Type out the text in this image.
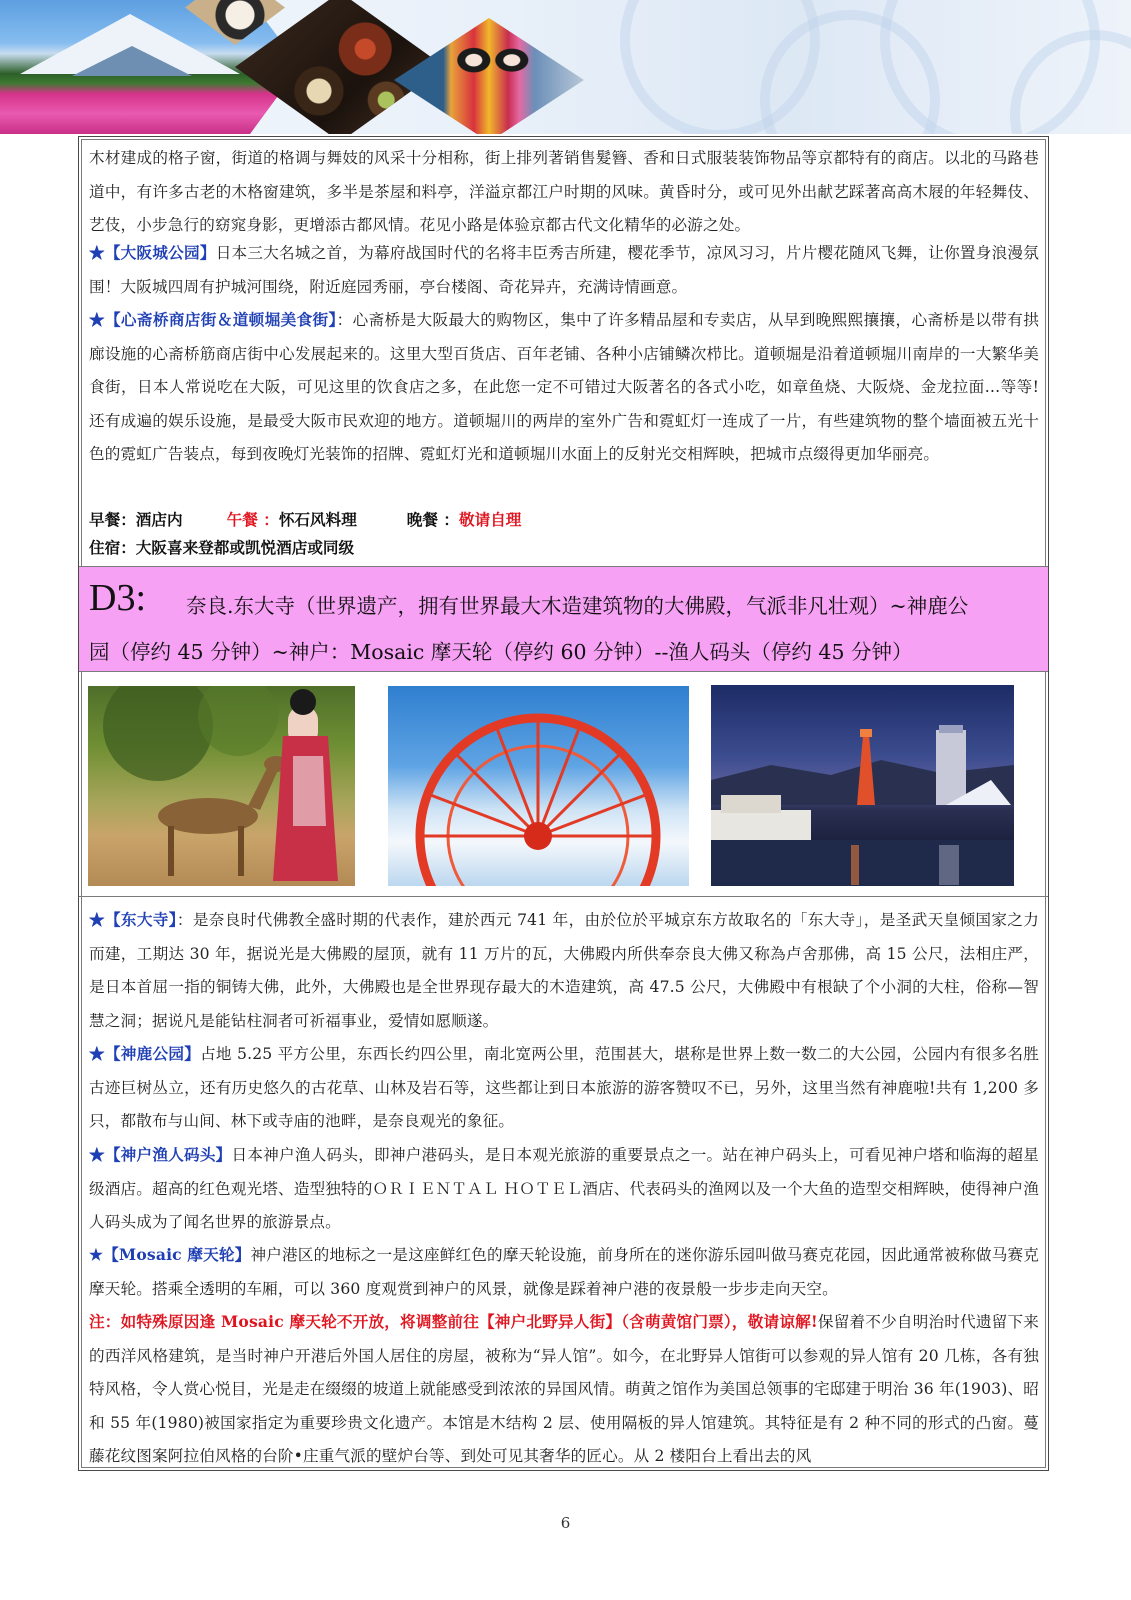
木材建成的格子窗，街道的格调与舞妓的风采十分相称，街上排列著销售髮簪、香和日式服装装饰物品等京都特有的商店。以北的马路巷道中，有许多古老的木格窗建筑，多半是茶屋和料亭，洋溢京都江户时期的风味。黄昏时分，或可见外出献艺踩著高高木屐的年轻舞伎、艺伎，小步急行的窈窕身影，更增添古都风情。花见小路是体验京都古代文化精华的必游之处。
★【大阪城公园】日本三大名城之首，为幕府战国时代的名将丰臣秀吉所建，樱花季节，凉风习习，片片樱花随风飞舞，让你置身浪漫氛围！大阪城四周有护城河围绕，附近庭园秀丽，亭台楼阁、奇花异卉，充满诗情画意。
★【心斋桥商店街＆道顿堀美食街】：心斋桥是大阪最大的购物区，集中了许多精品屋和专卖店，从早到晚熙熙攘攘，心斋桥是以带有拱廊设施的心斋桥筋商店街中心发展起来的。这里大型百货店、百年老铺、各种小店铺鳞次栉比。道顿堀是沿着道顿堀川南岸的一大繁华美食街，日本人常说吃在大阪，可见这里的饮食店之多，在此您一定不可错过大阪著名的各式小吃，如章鱼烧、大阪烧、金龙拉面…等等!还有成遍的娱乐设施，是最受大阪市民欢迎的地方。道顿堀川的两岸的室外广告和霓虹灯一连成了一片，有些建筑物的整个墙面被五光十色的霓虹广告装点，每到夜晚灯光装饰的招牌、霓虹灯光和道顿堀川水面上的反射光交相辉映，把城市点缀得更加华丽亮。
早餐：酒店内	午餐 ：怀石风料理	晚餐 ：敬请自理
住宿：大阪喜来登都或凯悦酒店或同级
D3: 奈良.东大寺（世界遗产，拥有世界最大木造建筑物的大佛殿，气派非凡壮观）~神鹿公
园（停约 45 分钟）~神户：Mosaic 摩天轮（停约 60 分钟）--渔人码头（停约 45 分钟）
★【东大寺】：是奈良时代佛教全盛时期的代表作，建於西元 741 年，由於位於平城京东方故取名的「东大寺」，是圣武天皇倾国家之力而建，工期达 30 年，据说光是大佛殿的屋顶，就有 11 万片的瓦，大佛殿内所供奉奈良大佛又称為卢舍那佛，高 15 公尺，法相庄严，是日本首屈一指的铜铸大佛，此外，大佛殿也是全世界现存最大的木造建筑，高 47.5 公尺，大佛殿中有根缺了个小洞的大柱，俗称—智慧之洞；据说凡是能钻柱洞者可祈福事业，爱情如愿顺遂。
★【神鹿公园】占地 5.25 平方公里，东西长约四公里，南北宽两公里，范围甚大，堪称是世界上数一数二的大公园，公园内有很多名胜古迹巨树丛立，还有历史悠久的古花草、山林及岩石等，这些都让到日本旅游的游客赞叹不已，另外，这里当然有神鹿啦!共有 1,200 多只，都散布与山间、林下或寺庙的池畔，是奈良观光的象征。
★【神户渔人码头】日本神户渔人码头，即神户港码头，是日本观光旅游的重要景点之一。站在神户码头上，可看见神户塔和临海的超星级酒店。超高的红色观光塔、造型独特的ＯＲＩＥＮＴＡＬ ＨＯＴＥＬ酒店、代表码头的渔网以及一个大鱼的造型交相辉映，使得神户渔人码头成为了闻名世界的旅游景点。
★【Mosaic 摩天轮】神户港区的地标之一是这座鲜红色的摩天轮设施，前身所在的迷你游乐园叫做马赛克花园，因此通常被称做马赛克摩天轮。搭乘全透明的车厢，可以 360 度观赏到神户的风景，就像是踩着神户港的夜景般一步步走向天空。
注：如特殊原因逢 Mosaic 摩天轮不开放，将调整前往【神户北野异人街】（含萌黄馆门票），敬请谅解!保留着不少自明治时代遗留下来的西洋风格建筑，是当时神户开港后外国人居住的房屋，被称为“异人馆”。如今，在北野异人馆街可以参观的异人馆有 20 几栋，各有独特风格，令人赏心悦目，光是走在缀缀的坡道上就能感受到浓浓的异国风情。萌黄之馆作为美国总领事的宅邸建于明治 36 年(1903)、昭和 55 年(1980)被国家指定为重要珍贵文化遗产。本馆是木结构 2 层、使用隔板的异人馆建筑。其特征是有 2 种不同的形式的凸窗。蔓藤花纹图案阿拉伯风格的台阶•庄重气派的壁炉台等、到处可见其奢华的匠心。从 2 楼阳台上看出去的风
6
